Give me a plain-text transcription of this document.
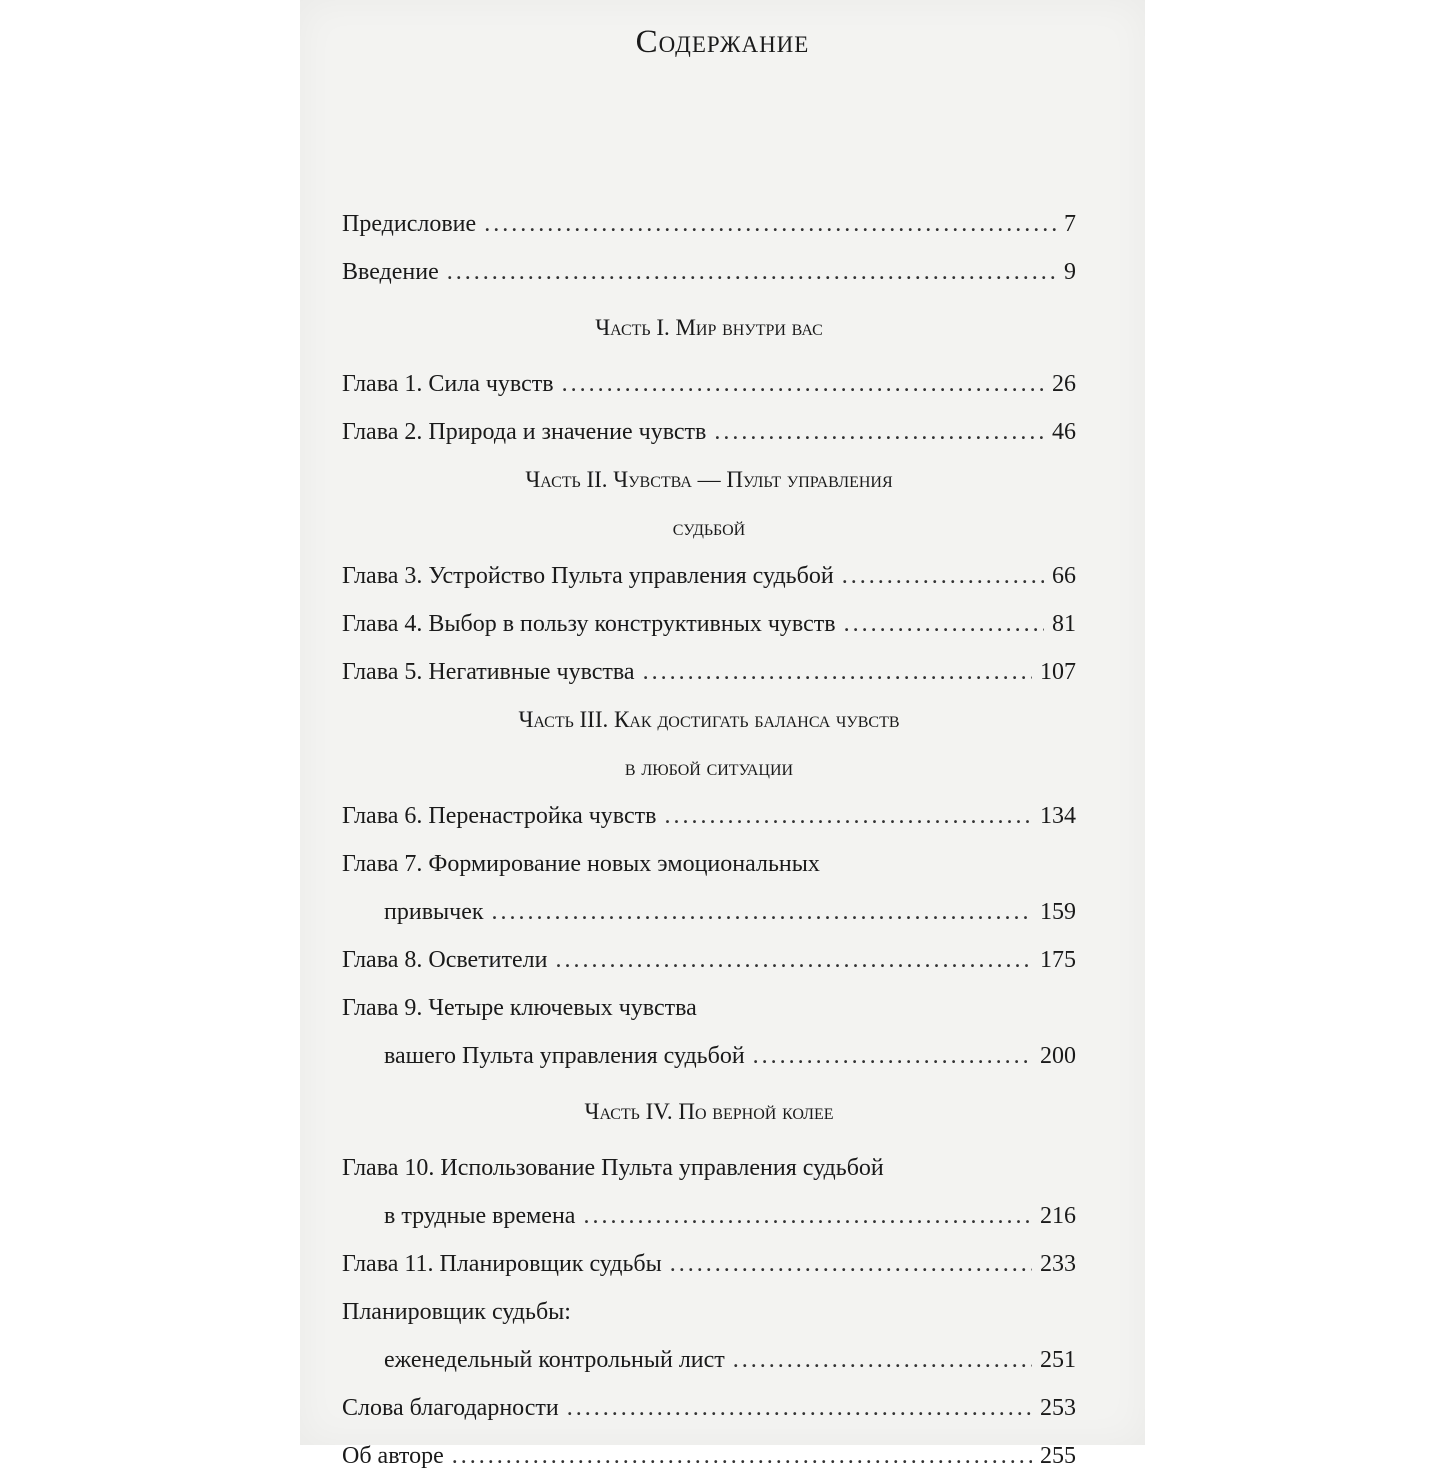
Содержание
Предисловие .....	7
Введение .....	9
Часть I. Мир внутри вас
Глава 1. Сила чувств .....	26
Глава 2. Природа и значение чувств .....	46
Часть II. Чувства — Пульт управления
судьбой
Глава 3. Устройство Пульта управления судьбой .....	66
Глава 4. Выбор в пользу конструктивных чувств .....	81
Глава 5. Негативные чувства .....	107
Часть III. Как достигать баланса чувств
в любой ситуации
Глава 6. Перенастройка чувств .....	134
Глава 7. Формирование новых эмоциональных
привычек .....	159
Глава 8. Осветители .....	175
Глава 9. Четыре ключевых чувства
вашего Пульта управления судьбой .....	200
Часть IV. По верной колее
Глава 10. Использование Пульта управления судьбой
в трудные времена .....	216
Глава 11. Планировщик судьбы .....	233
Планировщик судьбы:
еженедельный контрольный лист .....	251
Слова благодарности .....	253
Об авторе .....	255
